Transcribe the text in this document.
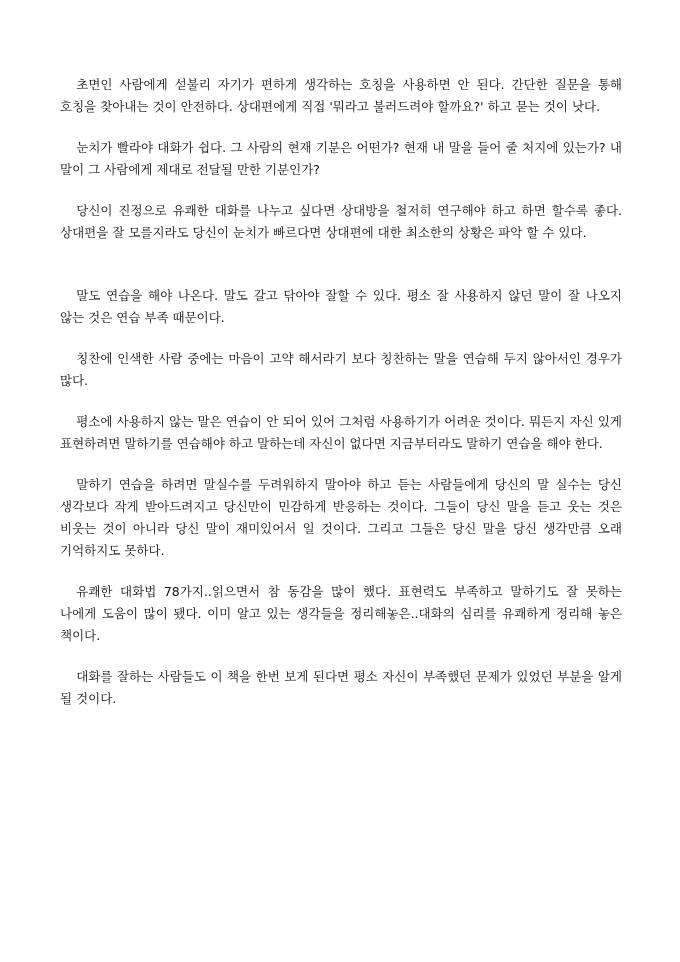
초면인 사람에게 섣불리 자기가 편하게 생각하는 호칭을 사용하면 안 된다. 간단한 질문을 통해 호칭을 찾아내는 것이 안전하다. 상대편에게 직접 '뭐라고 불러드려야 할까요?' 하고 묻는 것이 낫다.

눈치가 빨라야 대화가 쉽다. 그 사람의 현재 기분은 어떤가? 현재 내 말을 들어 줄 처지에 있는가? 내 말이 그 사람에게 제대로 전달될 만한 기분인가?

당신이 진정으로 유쾌한 대화를 나누고 싶다면 상대방을 철저히 연구해야 하고 하면 할수록 좋다. 상대편을 잘 모를지라도 당신이 눈치가 빠르다면 상대편에 대한 최소한의 상황은 파악 할 수 있다.

말도 연습을 해야 나온다. 말도 갈고 닦아야 잘할 수 있다. 평소 잘 사용하지 않던 말이 잘 나오지 않는 것은 연습 부족 때문이다.

칭찬에 인색한 사람 중에는 마음이 고약 해서라기 보다 칭찬하는 말을 연습해 두지 않아서인 경우가 많다.

평소에 사용하지 않는 말은 연습이 안 되어 있어 그처럼 사용하기가 어려운 것이다. 뭐든지 자신 있게 표현하려면 말하기를 연습해야 하고 말하는데 자신이 없다면 지금부터라도 말하기 연습을 해야 한다.

말하기 연습을 하려면 말실수를 두려워하지 말아야 하고 듣는 사람들에게 당신의 말 실수는 당신 생각보다 작게 받아드려지고 당신만이 민감하게 반응하는 것이다. 그들이 당신 말을 듣고 웃는 것은 비웃는 것이 아니라 당신 말이 재미있어서 일 것이다. 그리고 그들은 당신 말을 당신 생각만큼 오래 기억하지도 못하다.

유쾌한 대화법 78가지..읽으면서 참 동감을 많이 했다. 표현력도 부족하고 말하기도 잘 못하는 나에게 도움이 많이 됐다. 이미 알고 있는 생각들을 정리해놓은..대화의 심리를 유쾌하게 정리해 놓은 책이다.

대화를 잘하는 사람들도 이 책을 한번 보게 된다면 평소 자신이 부족했던 문제가 있었던 부분을 알게 될 것이다.
